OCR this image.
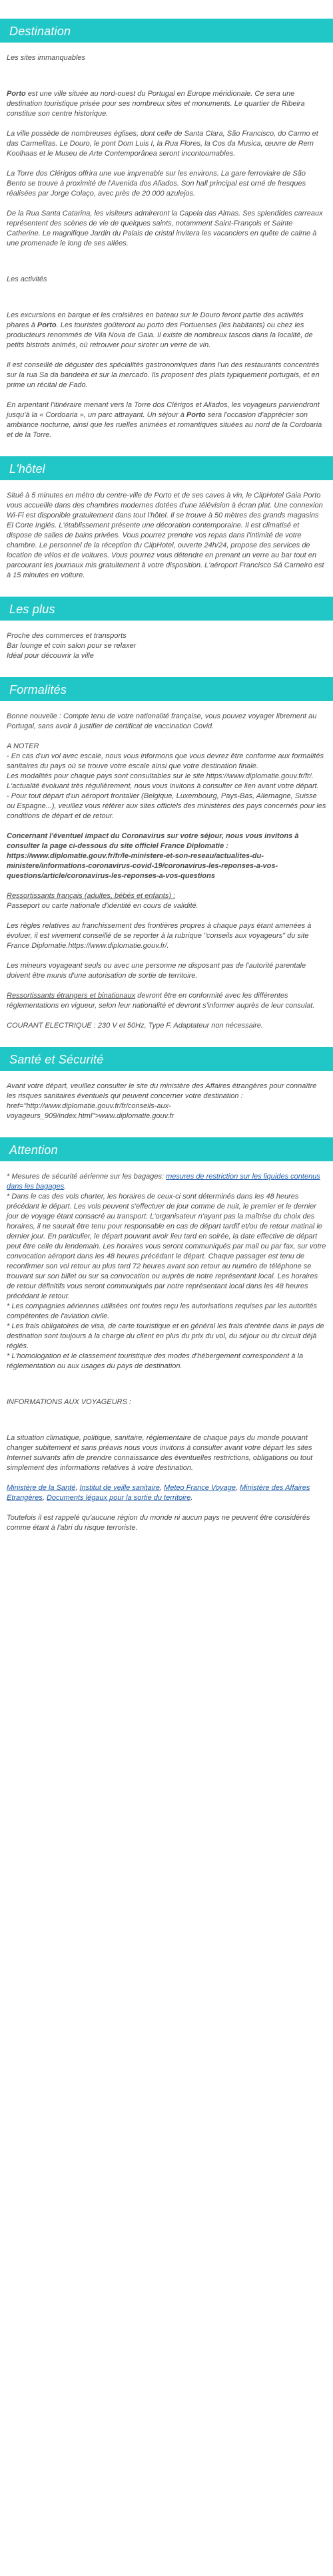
Destination

Les sites immanquables

Porto est une ville située au nord-ouest du Portugal en Europe méridionale. Ce sera une destination touristique prisée pour ses nombreux sites et monuments. Le quartier de Ribeira constitue son centre historique.

La ville possède de nombreuses églises, dont celle de Santa Clara, São Francisco, do Carmo et das Carmelitas. Le Douro, le pont Dom Luis I, la Rua Flores, la Cos da Musica, œuvre de Rem Koolhaas et le Museu de Arte Contemporânea seront incontournables.

La Torre dos Clérigos offrira une vue imprenable sur les environs. La gare ferroviaire de São Bento se trouve à proximité de l'Avenida dos Aliados. Son hall principal est orné de fresques réalisées par Jorge Colaço, avec près de 20 000 azulejos.

De la Rua Santa Catarina, les visiteurs admireront la Capela das Almas. Ses splendides carreaux représentent des scènes de vie de quelques saints, notamment Saint-François et Sainte Catherine. Le magnifique Jardin du Palais de cristal invitera les vacanciers en quête de calme à une promenade le long de ses allées.

Les activités

Les excursions en barque et les croisières en bateau sur le Douro feront partie des activités phares à Porto. Les touristes goûteront au porto des Portuenses (les habitants) ou chez les producteurs renommés de Vila Nova de Gaia. Il existe de nombreux tascos dans la localité, de petits bistrots animés, où retrouver pour siroter un verre de vin.

Il est conseillé de déguster des spécialités gastronomiques dans l'un des restaurants concentrés sur la rua Sa da bandeira et sur la mercado. Ils proposent des plats typiquement portugais, et en prime un récital de Fado.

En arpentant l'itinéraire menant vers la Torre dos Clérigos et Aliados, les voyageurs parviendront jusqu'à la « Cordoaria », un parc attrayant. Un séjour à Porto sera l'occasion d'apprécier son ambiance nocturne, ainsi que les ruelles animées et romantiques situées au nord de la Cordoaria et de la Torre.

L'hôtel

Situé à 5 minutes en métro du centre-ville de Porto et de ses caves à vin, le ClipHotel Gaia Porto vous accueille dans des chambres modernes dotées d'une télévision à écran plat. Une connexion Wi-Fi est disponible gratuitement dans tout l'hôtel. Il se trouve à 50 mètres des grands magasins El Corte Inglés. L'établissement présente une décoration contemporaine. Il est climatisé et dispose de salles de bains privées. Vous pourrez prendre vos repas dans l'intimité de votre chambre. Le personnel de la réception du ClipHotel, ouverte 24h/24, propose des services de location de vélos et de voitures. Vous pourrez vous détendre en prenant un verre au bar tout en parcourant les journaux mis gratuitement à votre disposition. L'aéroport Francisco Sá Carneiro est à 15 minutes en voiture.

Les plus

Proche des commerces et transports
Bar lounge et coin salon pour se relaxer
Idéal pour découvrir la ville

Formalités

Bonne nouvelle : Compte tenu de votre nationalité française, vous pouvez voyager librement au Portugal, sans avoir à justifier de certificat de vaccination Covid.

A NOTER
- En cas d'un vol avec escale, nous vous informons que vous devrez être conforme aux formalités sanitaires du pays où se trouve votre escale ainsi que votre destination finale.
Les modalités pour chaque pays sont consultables sur le site https://www.diplomatie.gouv.fr/fr/. L'actualité évoluant très régulièrement, nous vous invitons à consulter ce lien avant votre départ.
- Pour tout départ d'un aéroport frontalier (Belgique, Luxembourg, Pays-Bas, Allemagne, Suisse ou Espagne...), veuillez vous référer aux sites officiels des ministères des pays concernés pour les conditions de départ et de retour.

Concernant l'éventuel impact du Coronavirus sur votre séjour, nous vous invitons à consulter la page ci-dessous du site officiel France Diplomatie : https://www.diplomatie.gouv.fr/fr/le-ministere-et-son-reseau/actualites-du-ministere/informations-coronavirus-covid-19/coronavirus-les-reponses-a-vos-questions/article/coronavirus-les-reponses-a-vos-questions

Ressortissants français (adultes, bébés et enfants) :
Passeport ou carte nationale d'identité en cours de validité.

Les règles relatives au franchissement des frontières propres à chaque pays étant amenées à évoluer, il est vivement conseillé de se reporter à la rubrique "conseils aux voyageurs" du site France Diplomatie.https://www.diplomatie.gouv.fr/.

Les mineurs voyageant seuls ou avec une personne ne disposant pas de l'autorité parentale doivent être munis d'une autorisation de sortie de territoire.

Ressortissants étrangers et binationaux devront être en conformité avec les différentes réglementations en vigueur, selon leur nationalité et devront s'informer auprès de leur consulat.

COURANT ELECTRIQUE : 230 V et 50Hz, Type F. Adaptateur non nécessaire.

Santé et Sécurité

Avant votre départ, veuillez consulter le site du ministère des Affaires étrangères pour connaître les risques sanitaires éventuels qui peuvent concerner votre destination : href="http://www.diplomatie.gouv.fr/fr/conseils-aux-voyageurs_909/index.html">www.diplomatie.gouv.fr

Attention

* Mesures de sécurité aérienne sur les bagages: mesures de restriction sur les liquides contenus dans les bagages.
* Dans le cas des vols charter, les horaires de ceux-ci sont déterminés dans les 48 heures précédant le départ. Les vols peuvent s'effectuer de jour comme de nuit, le premier et le dernier jour de voyage étant consacré au transport. L'organisateur n'ayant pas la maîtrise du choix des horaires, il ne saurait être tenu pour responsable en cas de départ tardif et/ou de retour matinal le dernier jour. En particulier, le départ pouvant avoir lieu tard en soirée, la date effective de départ peut être celle du lendemain. Les horaires vous seront communiqués par mail ou par fax, sur votre convocation aéroport dans les 48 heures précédant le départ. Chaque passager est tenu de reconfirmer son vol retour au plus tard 72 heures avant son retour au numéro de téléphone se trouvant sur son billet ou sur sa convocation ou auprès de notre représentant local. Les horaires de retour définitifs vous seront communiqués par notre représentant local dans les 48 heures précédant le retour.
* Les compagnies aériennes utilisées ont toutes reçu les autorisations requises par les autorités compétentes de l'aviation civile.
* Les frais obligatoires de visa, de carte touristique et en général les frais d'entrée dans le pays de destination sont toujours à la charge du client en plus du prix du vol, du séjour ou du circuit déjà réglés.
* L'homologation et le classement touristique des modes d'hébergement correspondent à la réglementation ou aux usages du pays de destination.

INFORMATIONS AUX VOYAGEURS :

La situation climatique, politique, sanitaire, réglementaire de chaque pays du monde pouvant changer subitement et sans préavis nous vous invitons à consulter avant votre départ les sites Internet suivants afin de prendre connaissance des éventuelles restrictions, obligations ou tout simplement des informations relatives à votre destination.

Ministère de la Santé, Institut de veille sanitaire, Meteo France Voyage, Ministère des Affaires Etrangères, Documents légaux pour la sortie du territoire.

Toutefois il est rappelé qu'aucune région du monde ni aucun pays ne peuvent être considérés comme étant à l'abri du risque terroriste.
